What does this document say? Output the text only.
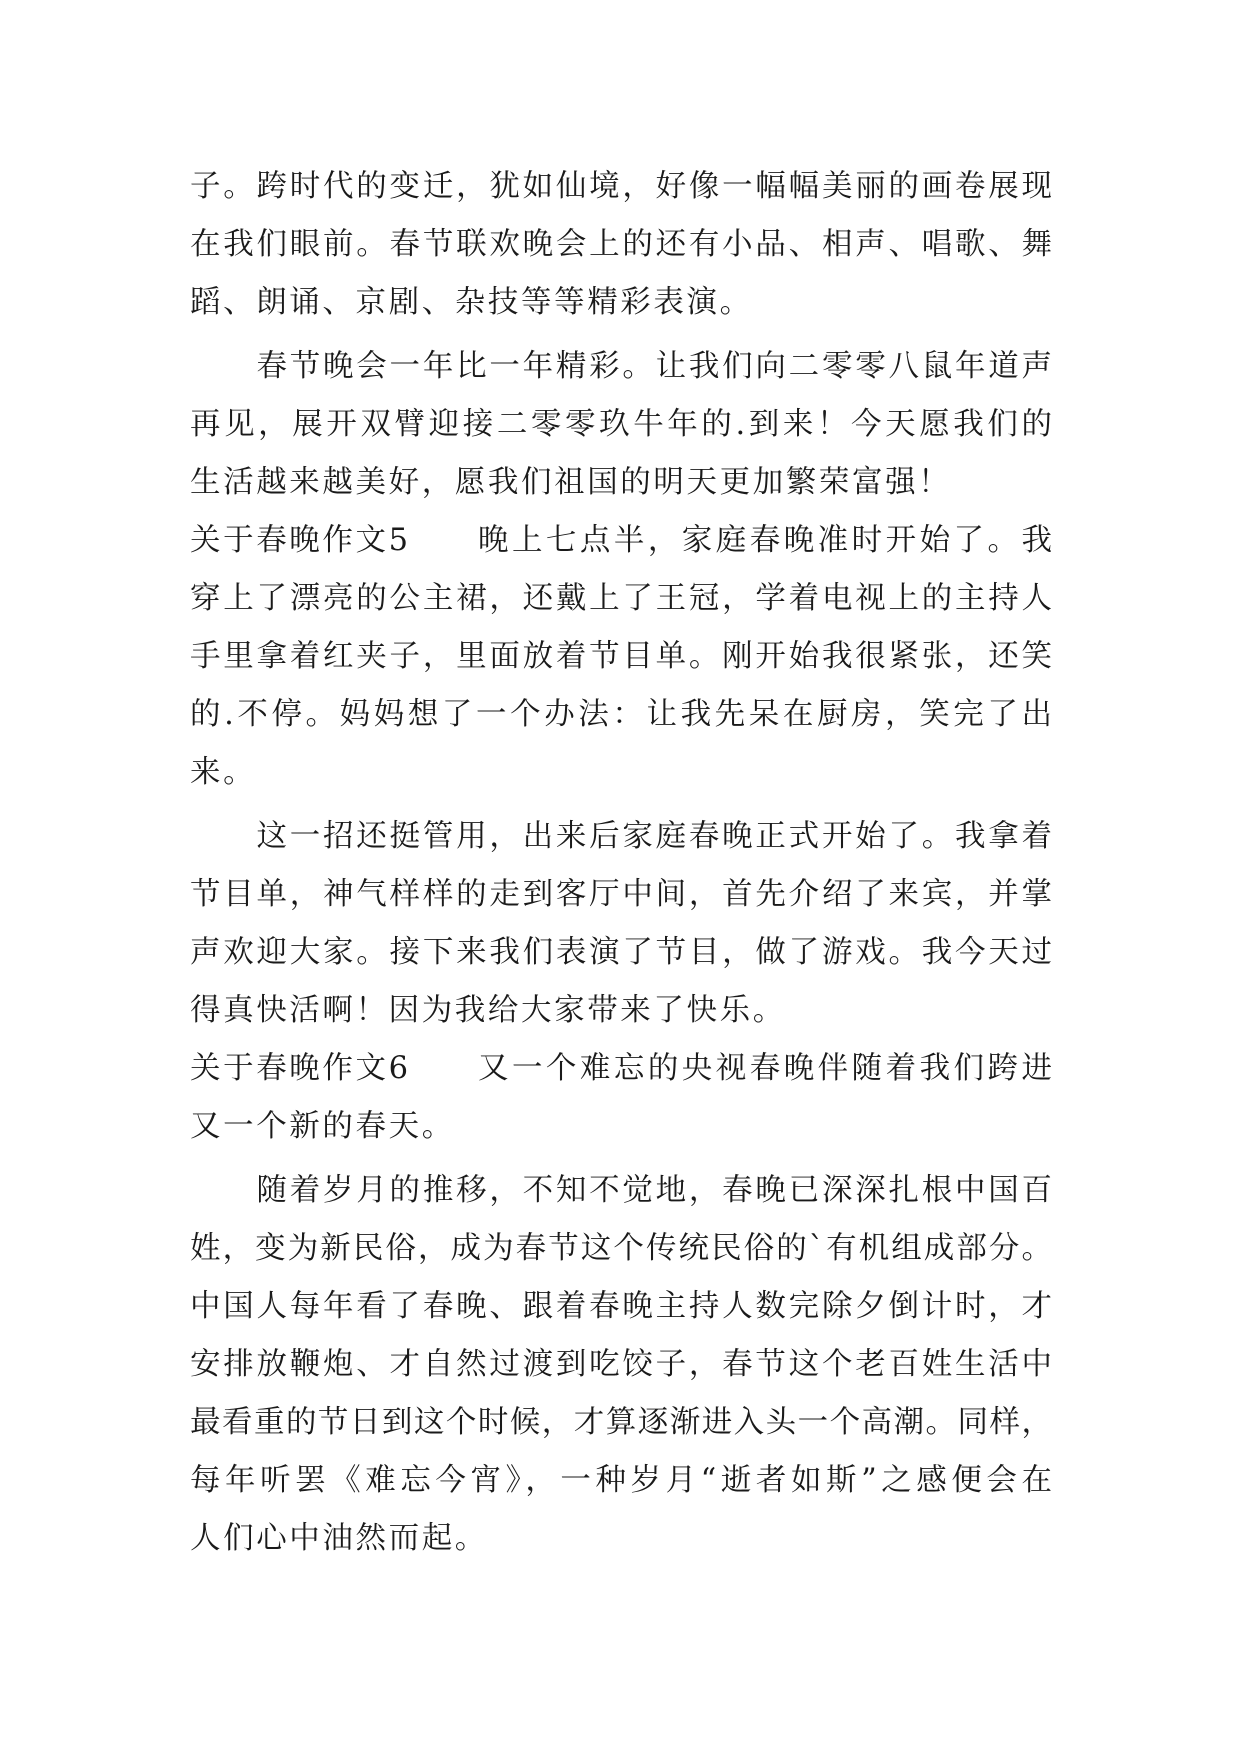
子。跨时代的变迁，犹如仙境，好像一幅幅美丽的画卷展现
在我们眼前。春节联欢晚会上的还有小品、相声、唱歌、舞
蹈、朗诵、京剧、杂技等等精彩表演。
　　春节晚会一年比一年精彩。让我们向二零零八鼠年道声
再见，展开双臂迎接二零零玖牛年的.到来！今天愿我们的
生活越来越美好，愿我们祖国的明天更加繁荣富强！
关于春晚作文5	晚上七点半，家庭春晚准时开始了。我
穿上了漂亮的公主裙，还戴上了王冠，学着电视上的主持人
手里拿着红夹子，里面放着节目单。刚开始我很紧张，还笑
的.不停。妈妈想了一个办法：让我先呆在厨房，笑完了出
来。
　　这一招还挺管用，出来后家庭春晚正式开始了。我拿着
节目单，神气样样的走到客厅中间，首先介绍了来宾，并掌
声欢迎大家。接下来我们表演了节目，做了游戏。我今天过
得真快活啊！因为我给大家带来了快乐。
关于春晚作文6	又一个难忘的央视春晚伴随着我们跨进
又一个新的春天。
　　随着岁月的推移，不知不觉地，春晚已深深扎根中国百
姓，变为新民俗，成为春节这个传统民俗的`有机组成部分。
中国人每年看了春晚、跟着春晚主持人数完除夕倒计时，才
安排放鞭炮、才自然过渡到吃饺子，春节这个老百姓生活中
最看重的节日到这个时候，才算逐渐进入头一个高潮。同样，
每年听罢《难忘今宵》，一种岁月“逝者如斯”之感便会在
人们心中油然而起。
